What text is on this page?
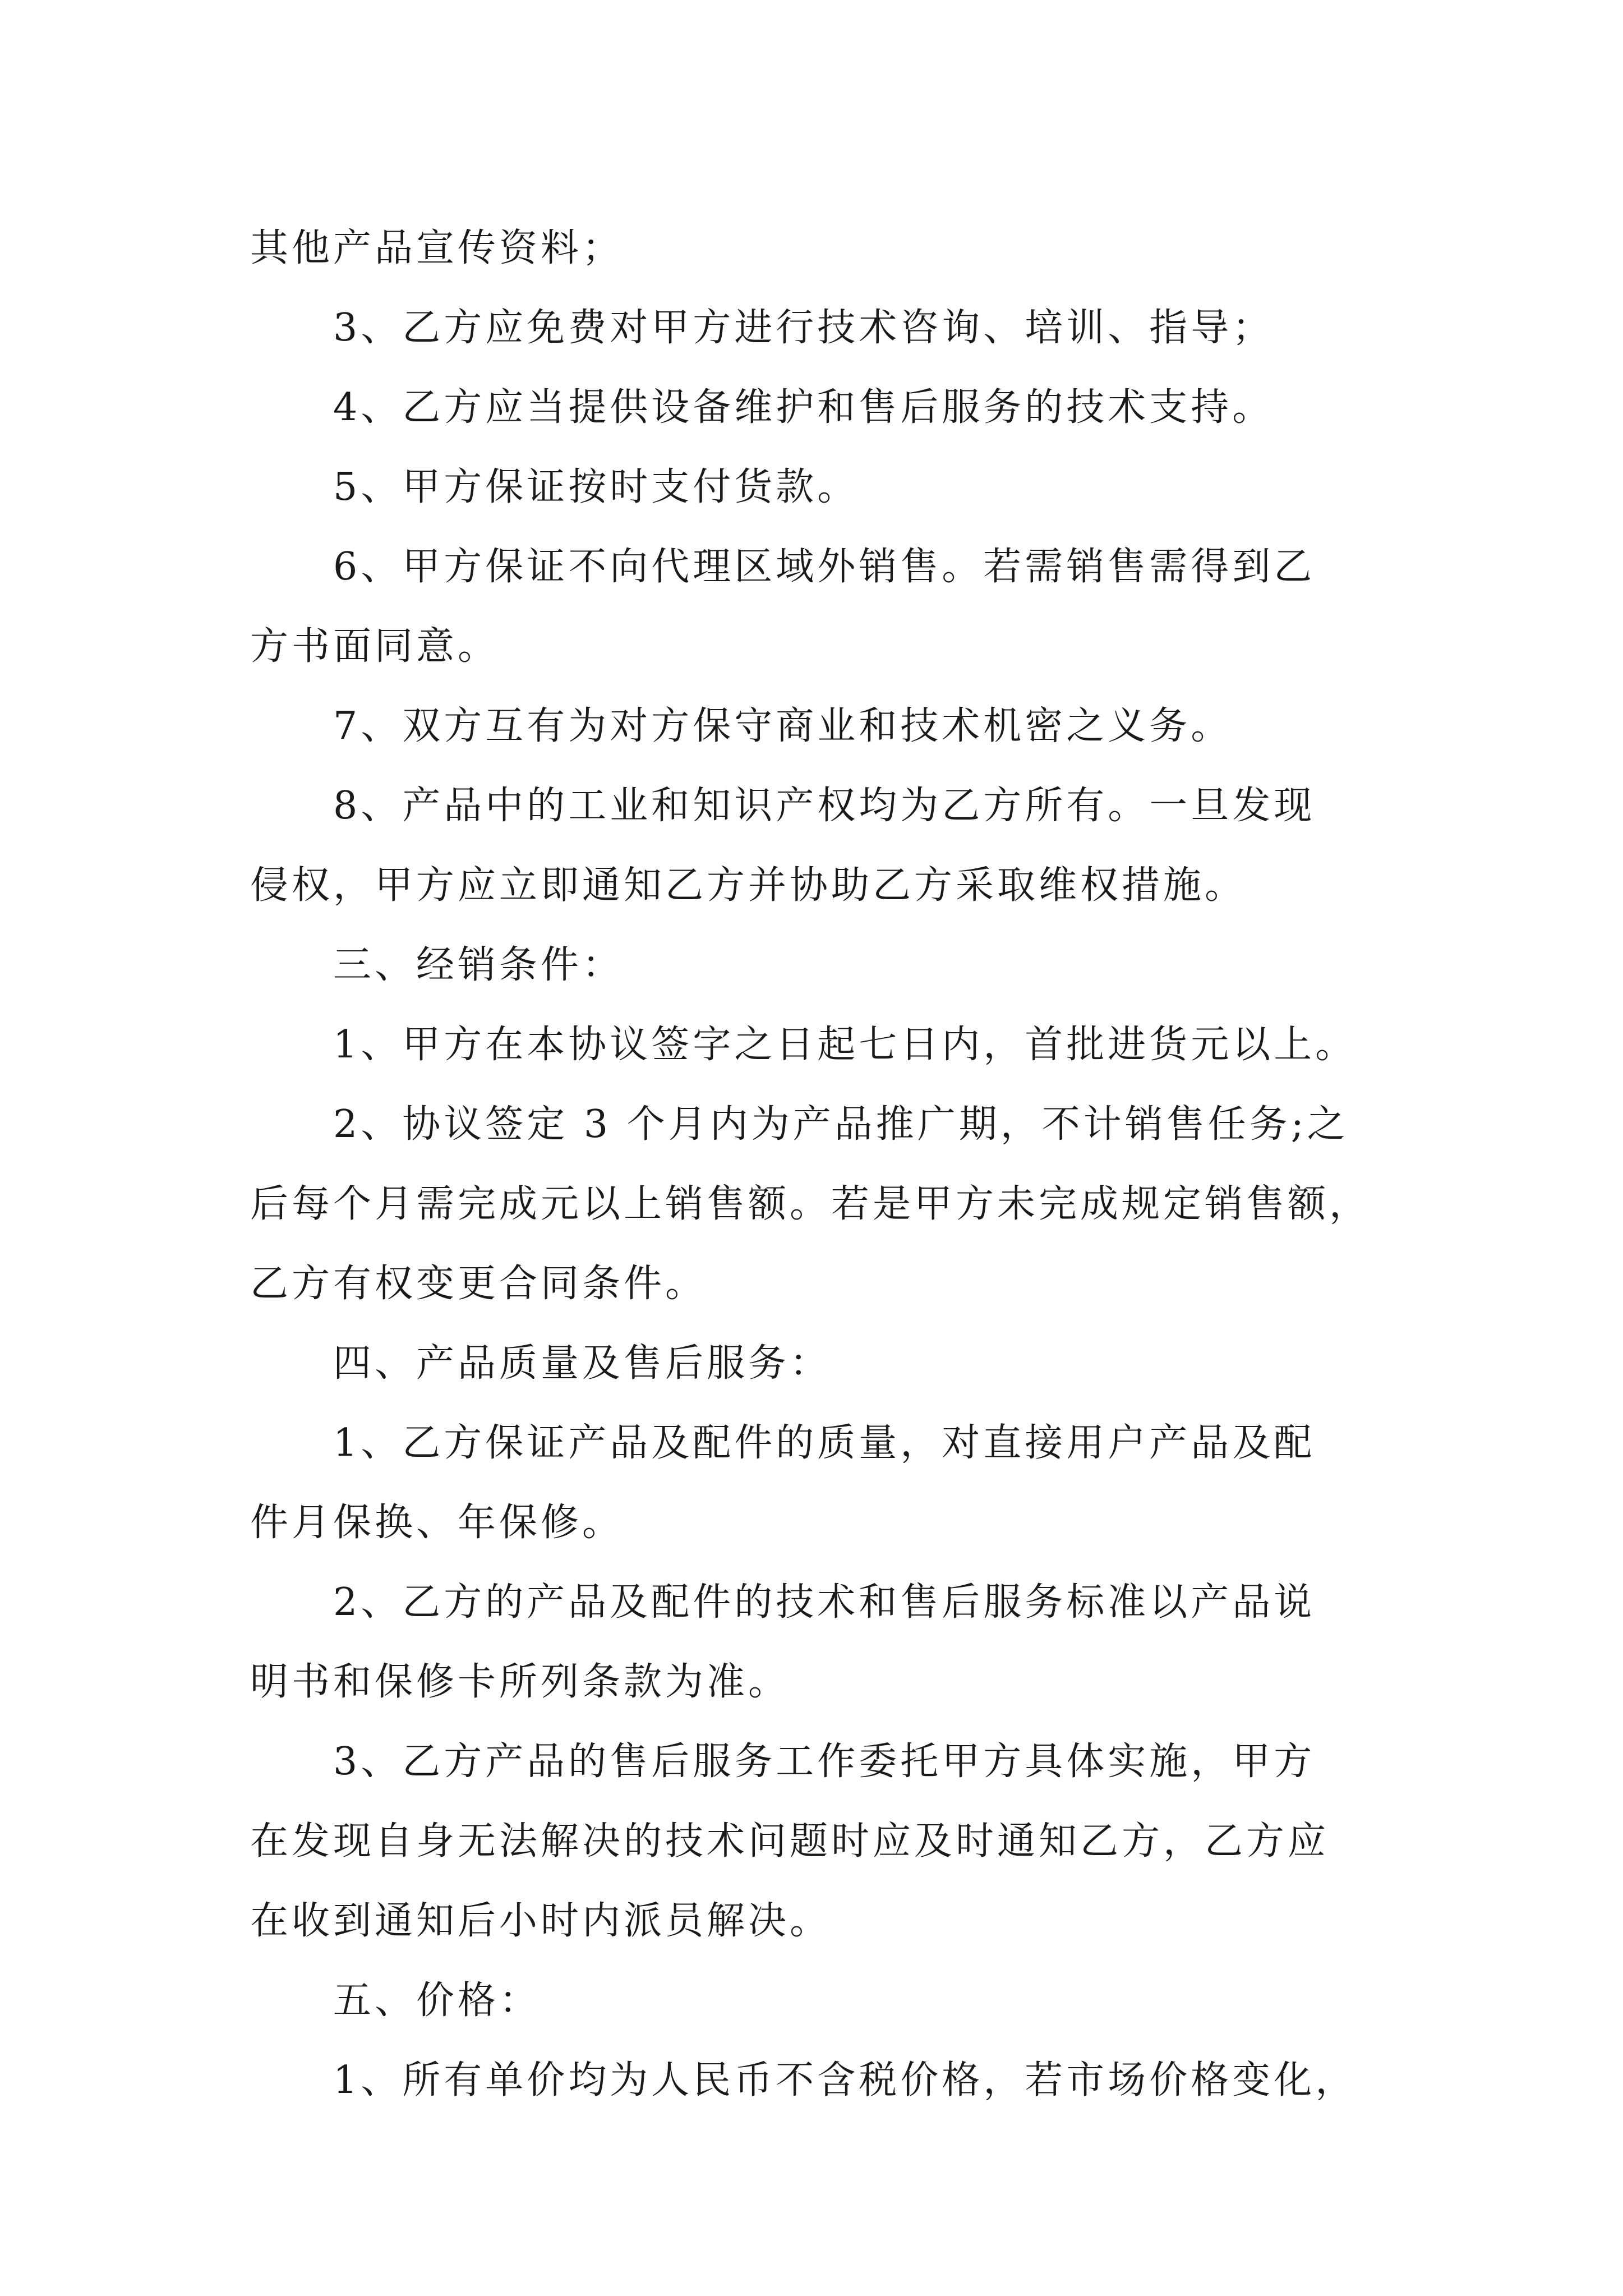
其他产品宣传资料；
3、乙方应免费对甲方进行技术咨询、培训、指导；
4、乙方应当提供设备维护和售后服务的技术支持。
5、甲方保证按时支付货款。
6、甲方保证不向代理区域外销售。若需销售需得到乙
方书面同意。
7、双方互有为对方保守商业和技术机密之义务。
8、产品中的工业和知识产权均为乙方所有。一旦发现
侵权，甲方应立即通知乙方并协助乙方采取维权措施。
三、经销条件：
1、甲方在本协议签字之日起七日内，首批进货元以上。
2、协议签定 3 个月内为产品推广期，不计销售任务;之
后每个月需完成元以上销售额。若是甲方未完成规定销售额，
乙方有权变更合同条件。
四、产品质量及售后服务：
1、乙方保证产品及配件的质量，对直接用户产品及配
件月保换、年保修。
2、乙方的产品及配件的技术和售后服务标准以产品说
明书和保修卡所列条款为准。
3、乙方产品的售后服务工作委托甲方具体实施，甲方
在发现自身无法解决的技术问题时应及时通知乙方，乙方应
在收到通知后小时内派员解决。
五、价格：
1、所有单价均为人民币不含税价格，若市场价格变化，
